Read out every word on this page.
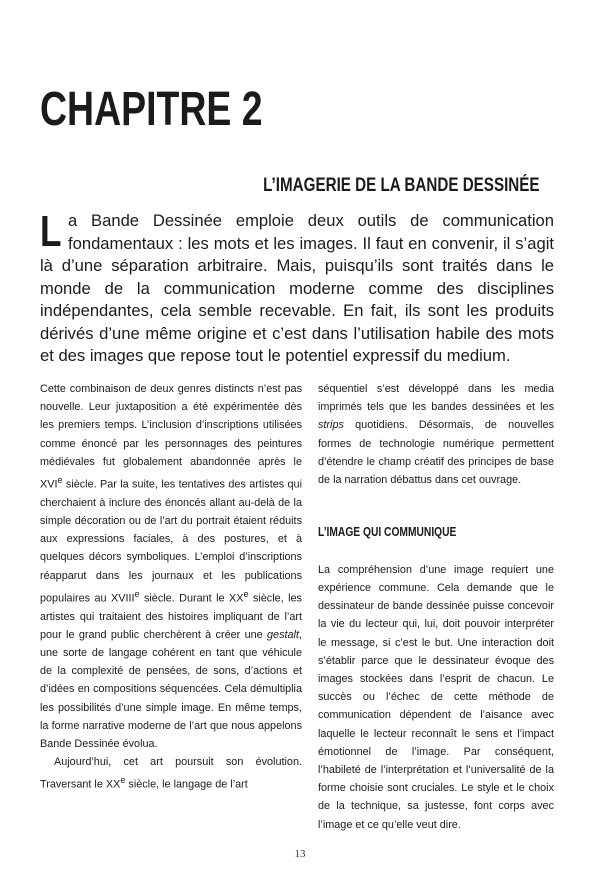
CHAPITRE 2
L’IMAGERIE DE LA BANDE DESSINÉE

La Bande Dessinée emploie deux outils de communication fondamentaux : les mots et les images. Il faut en convenir, il s’agit là d’une séparation arbitraire. Mais, puisqu’ils sont traités dans le monde de la communication moderne comme des disciplines indépendantes, cela semble recevable. En fait, ils sont les produits dérivés d’une même origine et c’est dans l’utilisation habile des mots et des images que repose tout le potentiel expressif du medium.

Cette combinaison de deux genres distincts n’est pas nouvelle. Leur juxtaposition a été expérimentée dès les premiers temps. L’inclusion d’inscriptions utilisées comme énoncé par les personnages des peintures médiévales fut globalement abandonnée après le XVIe siècle. Par la suite, les tentatives des artistes qui cherchaient à inclure des énoncés allant au-delà de la simple décoration ou de l’art du portrait étaient réduits aux expressions faciales, à des postures, et à quelques décors symboliques. L’emploi d’inscriptions réapparut dans les journaux et les publications populaires au XVIIIe siècle. Durant le XXe siècle, les artistes qui traitaient des histoires impliquant de l’art pour le grand public cherchèrent à créer une gestalt, une sorte de langage cohérent en tant que véhicule de la complexité de pensées, de sons, d’actions et d’idées en compositions séquencées. Cela démultiplia les possibilités d’une simple image. En même temps, la forme narrative moderne de l’art que nous appelons Bande Dessinée évolua.

Aujourd’hui, cet art poursuit son évolution. Traversant le XXe siècle, le langage de l’art

séquentiel s’est développé dans les media imprimés tels que les bandes dessinées et les strips quotidiens. Désormais, de nouvelles formes de technologie numérique permettent d’étendre le champ créatif des principes de base de la narration débattus dans cet ouvrage.

L’IMAGE QUI COMMUNIQUE

La compréhension d’une image requiert une expérience commune. Cela demande que le dessinateur de bande dessinée puisse concevoir la vie du lecteur qui, lui, doit pouvoir interpréter le message, si c’est le but. Une interaction doit s’établir parce que le dessinateur évoque des images stockées dans l’esprit de chacun. Le succès ou l’échec de cette méthode de communication dépendent de l’aisance avec laquelle le lecteur reconnaît le sens et l’impact émotionnel de l’image. Par conséquent, l’habileté de l’interprétation et l’universalité de la forme choisie sont cruciales. Le style et le choix de la technique, sa justesse, font corps avec l’image et ce qu’elle veut dire.

13
